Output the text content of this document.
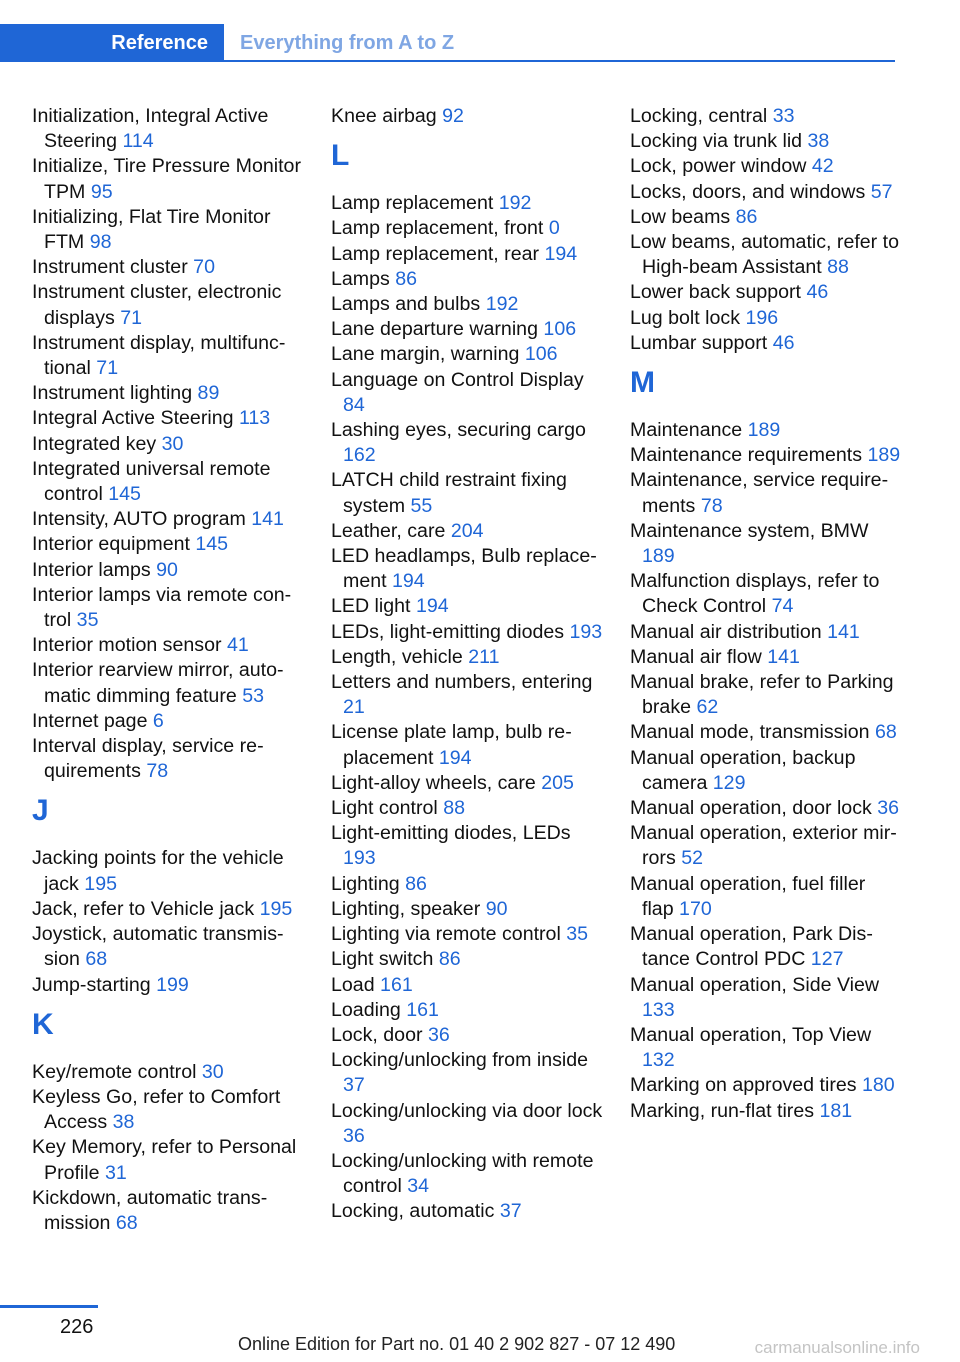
Reference Everything from A to Z
Initialization, Integral Active Steering 114
Initialize, Tire Pressure Monitor TPM 95
Initializing, Flat Tire Monitor FTM 98
Instrument cluster 70
Instrument cluster, electronic displays 71
Instrument display, multifunctional 71
Instrument lighting 89
Integral Active Steering 113
Integrated key 30
Integrated universal remote control 145
Intensity, AUTO program 141
Interior equipment 145
Interior lamps 90
Interior lamps via remote control 35
Interior motion sensor 41
Interior rearview mirror, automatic dimming feature 53
Internet page 6
Interval display, service requirements 78
J
Jacking points for the vehicle jack 195
Jack, refer to Vehicle jack 195
Joystick, automatic transmission 68
Jump-starting 199
K
Key/remote control 30
Keyless Go, refer to Comfort Access 38
Key Memory, refer to Personal Profile 31
Kickdown, automatic transmission 68
Knee airbag 92
L
Lamp replacement 192
Lamp replacement, front 0
Lamp replacement, rear 194
Lamps 86
Lamps and bulbs 192
Lane departure warning 106
Lane margin, warning 106
Language on Control Display 84
Lashing eyes, securing cargo 162
LATCH child restraint fixing system 55
Leather, care 204
LED headlamps, Bulb replacement 194
LED light 194
LEDs, light-emitting diodes 193
Length, vehicle 211
Letters and numbers, entering 21
License plate lamp, bulb replacement 194
Light-alloy wheels, care 205
Light control 88
Light-emitting diodes, LEDs 193
Lighting 86
Lighting, speaker 90
Lighting via remote control 35
Light switch 86
Load 161
Loading 161
Lock, door 36
Locking/unlocking from inside 37
Locking/unlocking via door lock 36
Locking/unlocking with remote control 34
Locking, automatic 37
Locking, central 33
Locking via trunk lid 38
Lock, power window 42
Locks, doors, and windows 57
Low beams 86
Low beams, automatic, refer to High-beam Assistant 88
Lower back support 46
Lug bolt lock 196
Lumbar support 46
M
Maintenance 189
Maintenance requirements 189
Maintenance, service requirements 78
Maintenance system, BMW 189
Malfunction displays, refer to Check Control 74
Manual air distribution 141
Manual air flow 141
Manual brake, refer to Parking brake 62
Manual mode, transmission 68
Manual operation, backup camera 129
Manual operation, door lock 36
Manual operation, exterior mirrors 52
Manual operation, fuel filler flap 170
Manual operation, Park Distance Control PDC 127
Manual operation, Side View 133
Manual operation, Top View 132
Marking on approved tires 180
Marking, run-flat tires 181
226
Online Edition for Part no. 01 40 2 902 827 - 07 12 490	carmanualsonline.info
